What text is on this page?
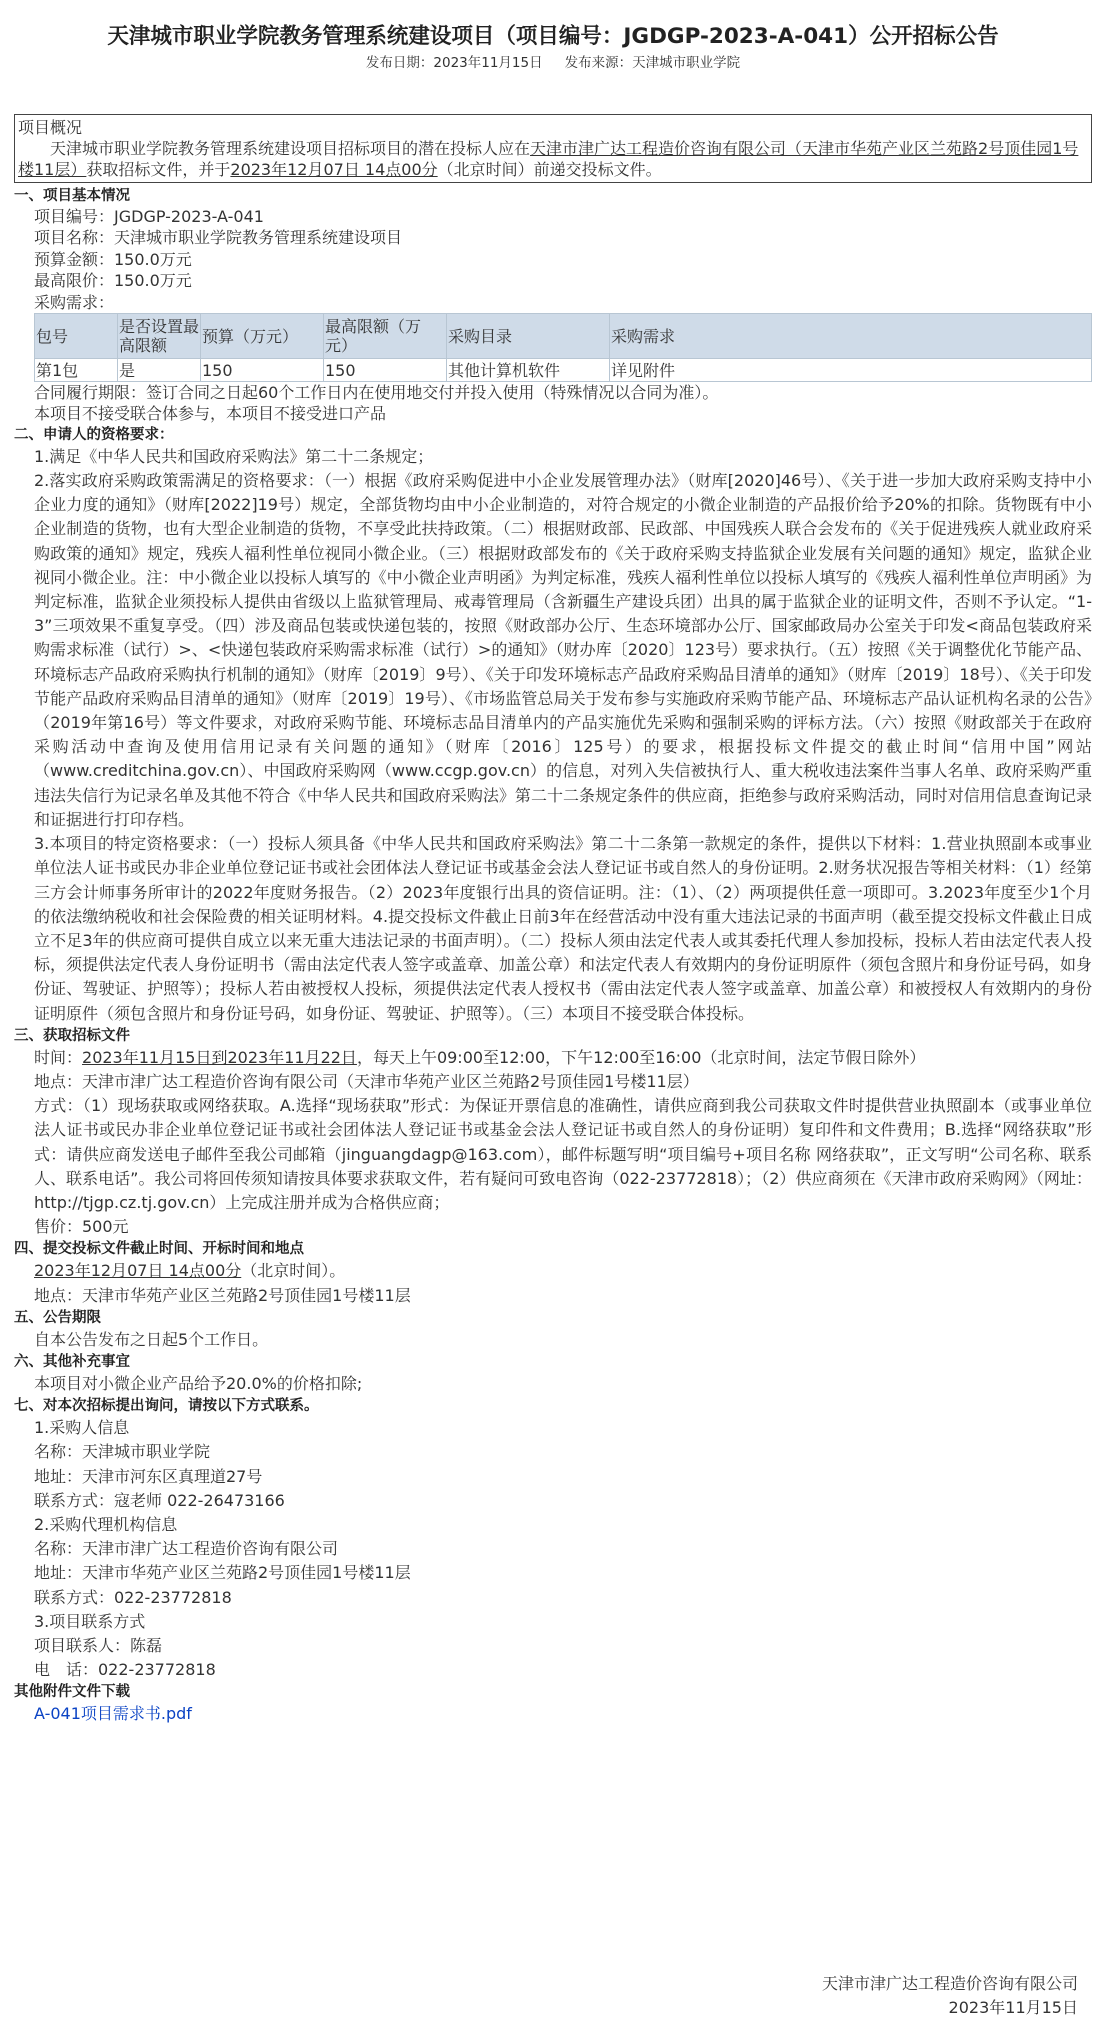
天津城市职业学院教务管理系统建设项目（项目编号：JGDGP-2023-A-041）公开招标公告
发布日期：2023年11月15日 发布来源：天津城市职业学院
项目概况
天津城市职业学院教务管理系统建设项目招标项目的潜在投标人应在天津市津广达工程造价咨询有限公司（天津市华苑产业区兰苑路2号顶佳园1号楼11层）获取招标文件，并于2023年12月07日 14点00分（北京时间）前递交投标文件。
一、项目基本情况
项目编号：JGDGP-2023-A-041
项目名称：天津城市职业学院教务管理系统建设项目
预算金额：150.0万元
最高限价：150.0万元
采购需求：
包号	是否设置最高限额	预算（万元）	最高限额（万元）	采购目录	采购需求
第1包	是	150	150	其他计算机软件	详见附件
合同履行期限：签订合同之日起60个工作日内在使用地交付并投入使用（特殊情况以合同为准）。
本项目不接受联合体参与，本项目不接受进口产品
二、申请人的资格要求：
1.满足《中华人民共和国政府采购法》第二十二条规定；
2.落实政府采购政策需满足的资格要求：（一）根据《政府采购促进中小企业发展管理办法》（财库[2020]46号）、《关于进一步加大政府采购支持中小企业力度的通知》（财库[2022]19号）规定，全部货物均由中小企业制造的，对符合规定的小微企业制造的产品报价给予20%的扣除。货物既有中小企业制造的货物，也有大型企业制造的货物，不享受此扶持政策。（二）根据财政部、民政部、中国残疾人联合会发布的《关于促进残疾人就业政府采购政策的通知》规定，残疾人福利性单位视同小微企业。（三）根据财政部发布的《关于政府采购支持监狱企业发展有关问题的通知》规定，监狱企业视同小微企业。注：中小微企业以投标人填写的《中小微企业声明函》为判定标准，残疾人福利性单位以投标人填写的《残疾人福利性单位声明函》为判定标准，监狱企业须投标人提供由省级以上监狱管理局、戒毒管理局（含新疆生产建设兵团）出具的属于监狱企业的证明文件，否则不予认定。“1-3”三项效果不重复享受。（四）涉及商品包装或快递包装的，按照《财政部办公厅、生态环境部办公厅、国家邮政局办公室关于印发<商品包装政府采购需求标准（试行）>、<快递包装政府采购需求标准（试行）>的通知》（财办库〔2020〕123号）要求执行。（五）按照《关于调整优化节能产品、环境标志产品政府采购执行机制的通知》（财库〔2019〕9号）、《关于印发环境标志产品政府采购品目清单的通知》（财库〔2019〕18号）、《关于印发节能产品政府采购品目清单的通知》（财库〔2019〕19号）、《市场监管总局关于发布参与实施政府采购节能产品、环境标志产品认证机构名录的公告》（2019年第16号）等文件要求，对政府采购节能、环境标志品目清单内的产品实施优先采购和强制采购的评标方法。（六）按照《财政部关于在政府采购活动中查询及使用信用记录有关问题的通知》（财库〔2016〕125号）的要求，根据投标文件提交的截止时间“信用中国”网站（www.creditchina.gov.cn）、中国政府采购网（www.ccgp.gov.cn）的信息，对列入失信被执行人、重大税收违法案件当事人名单、政府采购严重违法失信行为记录名单及其他不符合《中华人民共和国政府采购法》第二十二条规定条件的供应商，拒绝参与政府采购活动，同时对信用信息查询记录和证据进行打印存档。
3.本项目的特定资格要求：（一）投标人须具备《中华人民共和国政府采购法》第二十二条第一款规定的条件，提供以下材料：1.营业执照副本或事业单位法人证书或民办非企业单位登记证书或社会团体法人登记证书或基金会法人登记证书或自然人的身份证明。2.财务状况报告等相关材料：（1）经第三方会计师事务所审计的2022年度财务报告。（2）2023年度银行出具的资信证明。注：（1）、（2）两项提供任意一项即可。3.2023年度至少1个月的依法缴纳税收和社会保险费的相关证明材料。4.提交投标文件截止日前3年在经营活动中没有重大违法记录的书面声明（截至提交投标文件截止日成立不足3年的供应商可提供自成立以来无重大违法记录的书面声明）。（二）投标人须由法定代表人或其委托代理人参加投标，投标人若由法定代表人投标，须提供法定代表人身份证明书（需由法定代表人签字或盖章、加盖公章）和法定代表人有效期内的身份证明原件（须包含照片和身份证号码，如身份证、驾驶证、护照等）；投标人若由被授权人投标，须提供法定代表人授权书（需由法定代表人签字或盖章、加盖公章）和被授权人有效期内的身份证明原件（须包含照片和身份证号码，如身份证、驾驶证、护照等）。（三）本项目不接受联合体投标。
三、获取招标文件
时间：2023年11月15日到2023年11月22日，每天上午09:00至12:00，下午12:00至16:00（北京时间，法定节假日除外）
地点：天津市津广达工程造价咨询有限公司（天津市华苑产业区兰苑路2号顶佳园1号楼11层）
方式：（1）现场获取或网络获取。A.选择“现场获取”形式：为保证开票信息的准确性，请供应商到我公司获取文件时提供营业执照副本（或事业单位法人证书或民办非企业单位登记证书或社会团体法人登记证书或基金会法人登记证书或自然人的身份证明）复印件和文件费用；B.选择“网络获取”形式：请供应商发送电子邮件至我公司邮箱（jinguangdagp@163.com），邮件标题写明“项目编号+项目名称 网络获取”，正文写明“公司名称、联系人、联系电话”。我公司将回传须知请按具体要求获取文件，若有疑问可致电咨询（022-23772818）；（2）供应商须在《天津市政府采购网》（网址：http://tjgp.cz.tj.gov.cn）上完成注册并成为合格供应商；
售价：500元
四、提交投标文件截止时间、开标时间和地点
2023年12月07日 14点00分（北京时间）。
地点：天津市华苑产业区兰苑路2号顶佳园1号楼11层
五、公告期限
自本公告发布之日起5个工作日。
六、其他补充事宜
本项目对小微企业产品给予20.0%的价格扣除;
七、对本次招标提出询问，请按以下方式联系。
1.采购人信息
名称：天津城市职业学院
地址：天津市河东区真理道27号
联系方式：寇老师 022-26473166
2.采购代理机构信息
名称：天津市津广达工程造价咨询有限公司
地址：天津市华苑产业区兰苑路2号顶佳园1号楼11层
联系方式：022-23772818
3.项目联系方式
项目联系人：陈磊
电　话：022-23772818
其他附件文件下载
A-041项目需求书.pdf
天津市津广达工程造价咨询有限公司
2023年11月15日
